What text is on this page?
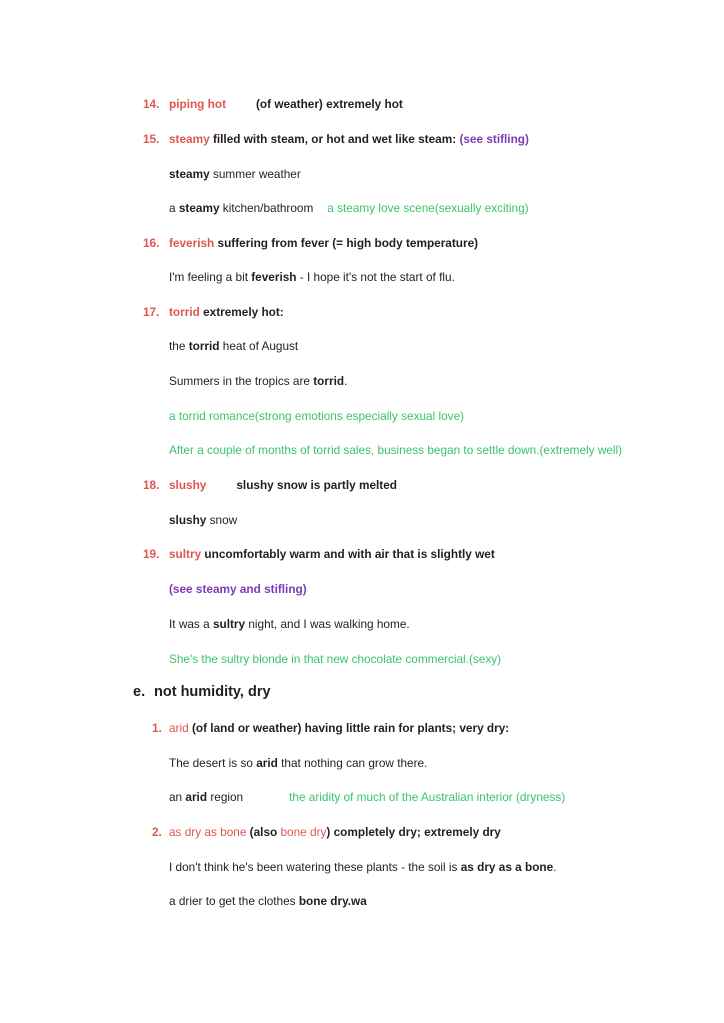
14. piping hot	(of weather) extremely hot
15. steamy filled with steam, or hot and wet like steam: (see stifling)
steamy summer weather
a steamy kitchen/bathroom a steamy love scene(sexually exciting)
16. feverish suffering from fever (= high body temperature)
I'm feeling a bit feverish - I hope it's not the start of flu.
17. torrid extremely hot:
the torrid heat of August
Summers in the tropics are torrid.
a torrid romance(strong emotions especially sexual love)
After a couple of months of torrid sales, business began to settle down.(extremely well)
18. slushy	slushy snow is partly melted
slushy snow
19. sultry uncomfortably warm and with air that is slightly wet
(see steamy and stifling)
It was a sultry night, and I was walking home.
She's the sultry blonde in that new chocolate commercial.(sexy)
e. not humidity, dry
1. arid (of land or weather) having little rain for plants; very dry:
The desert is so arid that nothing can grow there.
an arid region	the aridity of much of the Australian interior (dryness)
2. as dry as bone (also bone dry) completely dry; extremely dry
I don't think he's been watering these plants - the soil is as dry as a bone.
a drier to get the clothes bone dry.wa
